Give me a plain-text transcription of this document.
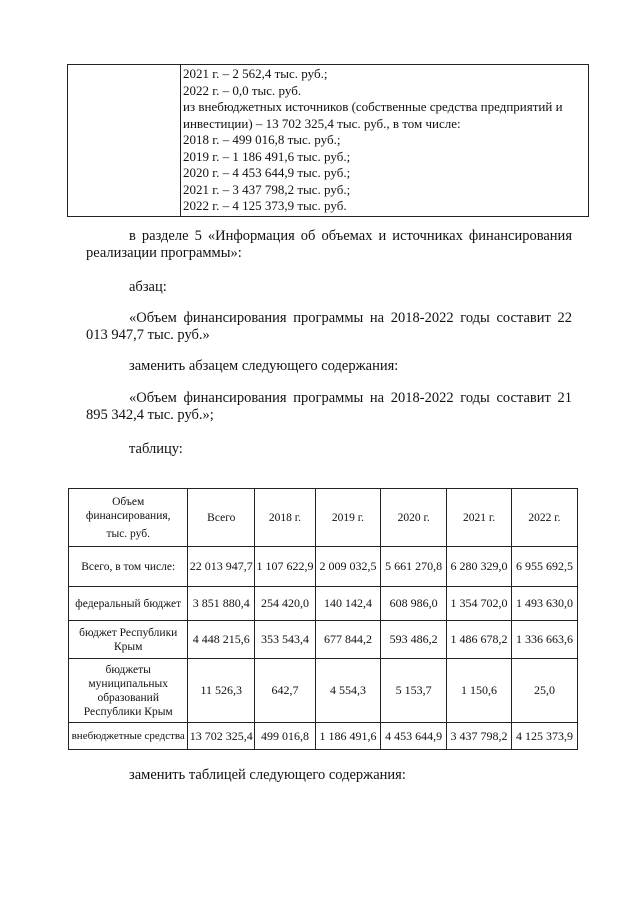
2021 г. – 2 562,4 тыс. руб.;
2022 г. – 0,0 тыс. руб.
из внебюджетных источников (собственные средства предприятий и
инвестиции) – 13 702 325,4 тыс. руб., в том числе:
2018 г. – 499 016,8 тыс. руб.;
2019 г. – 1 186 491,6 тыс. руб.;
2020 г. – 4 453 644,9 тыс. руб.;
2021 г. – 3 437 798,2 тыс. руб.;
2022 г. – 4 125 373,9 тыс. руб.

в разделе 5 «Информация об объемах и источниках финансирования реализации программы»:

абзац:

«Объем финансирования программы на 2018-2022 годы составит 22 013 947,7 тыс. руб.»

заменить абзацем следующего содержания:

«Объем финансирования программы на 2018-2022 годы составит 21 895 342,4 тыс. руб.»;

таблицу:

Объем
финансирования,
тыс. руб.	Всего	2018 г.	2019 г.	2020 г.	2021 г.	2022 г.
Всего, в том числе:	22 013 947,7	1 107 622,9	2 009 032,5	5 661 270,8	6 280 329,0	6 955 692,5
федеральный бюджет	3 851 880,4	254 420,0	140 142,4	608 986,0	1 354 702,0	1 493 630,0
бюджет Республики Крым	4 448 215,6	353 543,4	677 844,2	593 486,2	1 486 678,2	1 336 663,6
бюджеты муниципальных образований Республики Крым	11 526,3	642,7	4 554,3	5 153,7	1 150,6	25,0
внебюджетные средства	13 702 325,4	499 016,8	1 186 491,6	4 453 644,9	3 437 798,2	4 125 373,9

заменить таблицей следующего содержания:
